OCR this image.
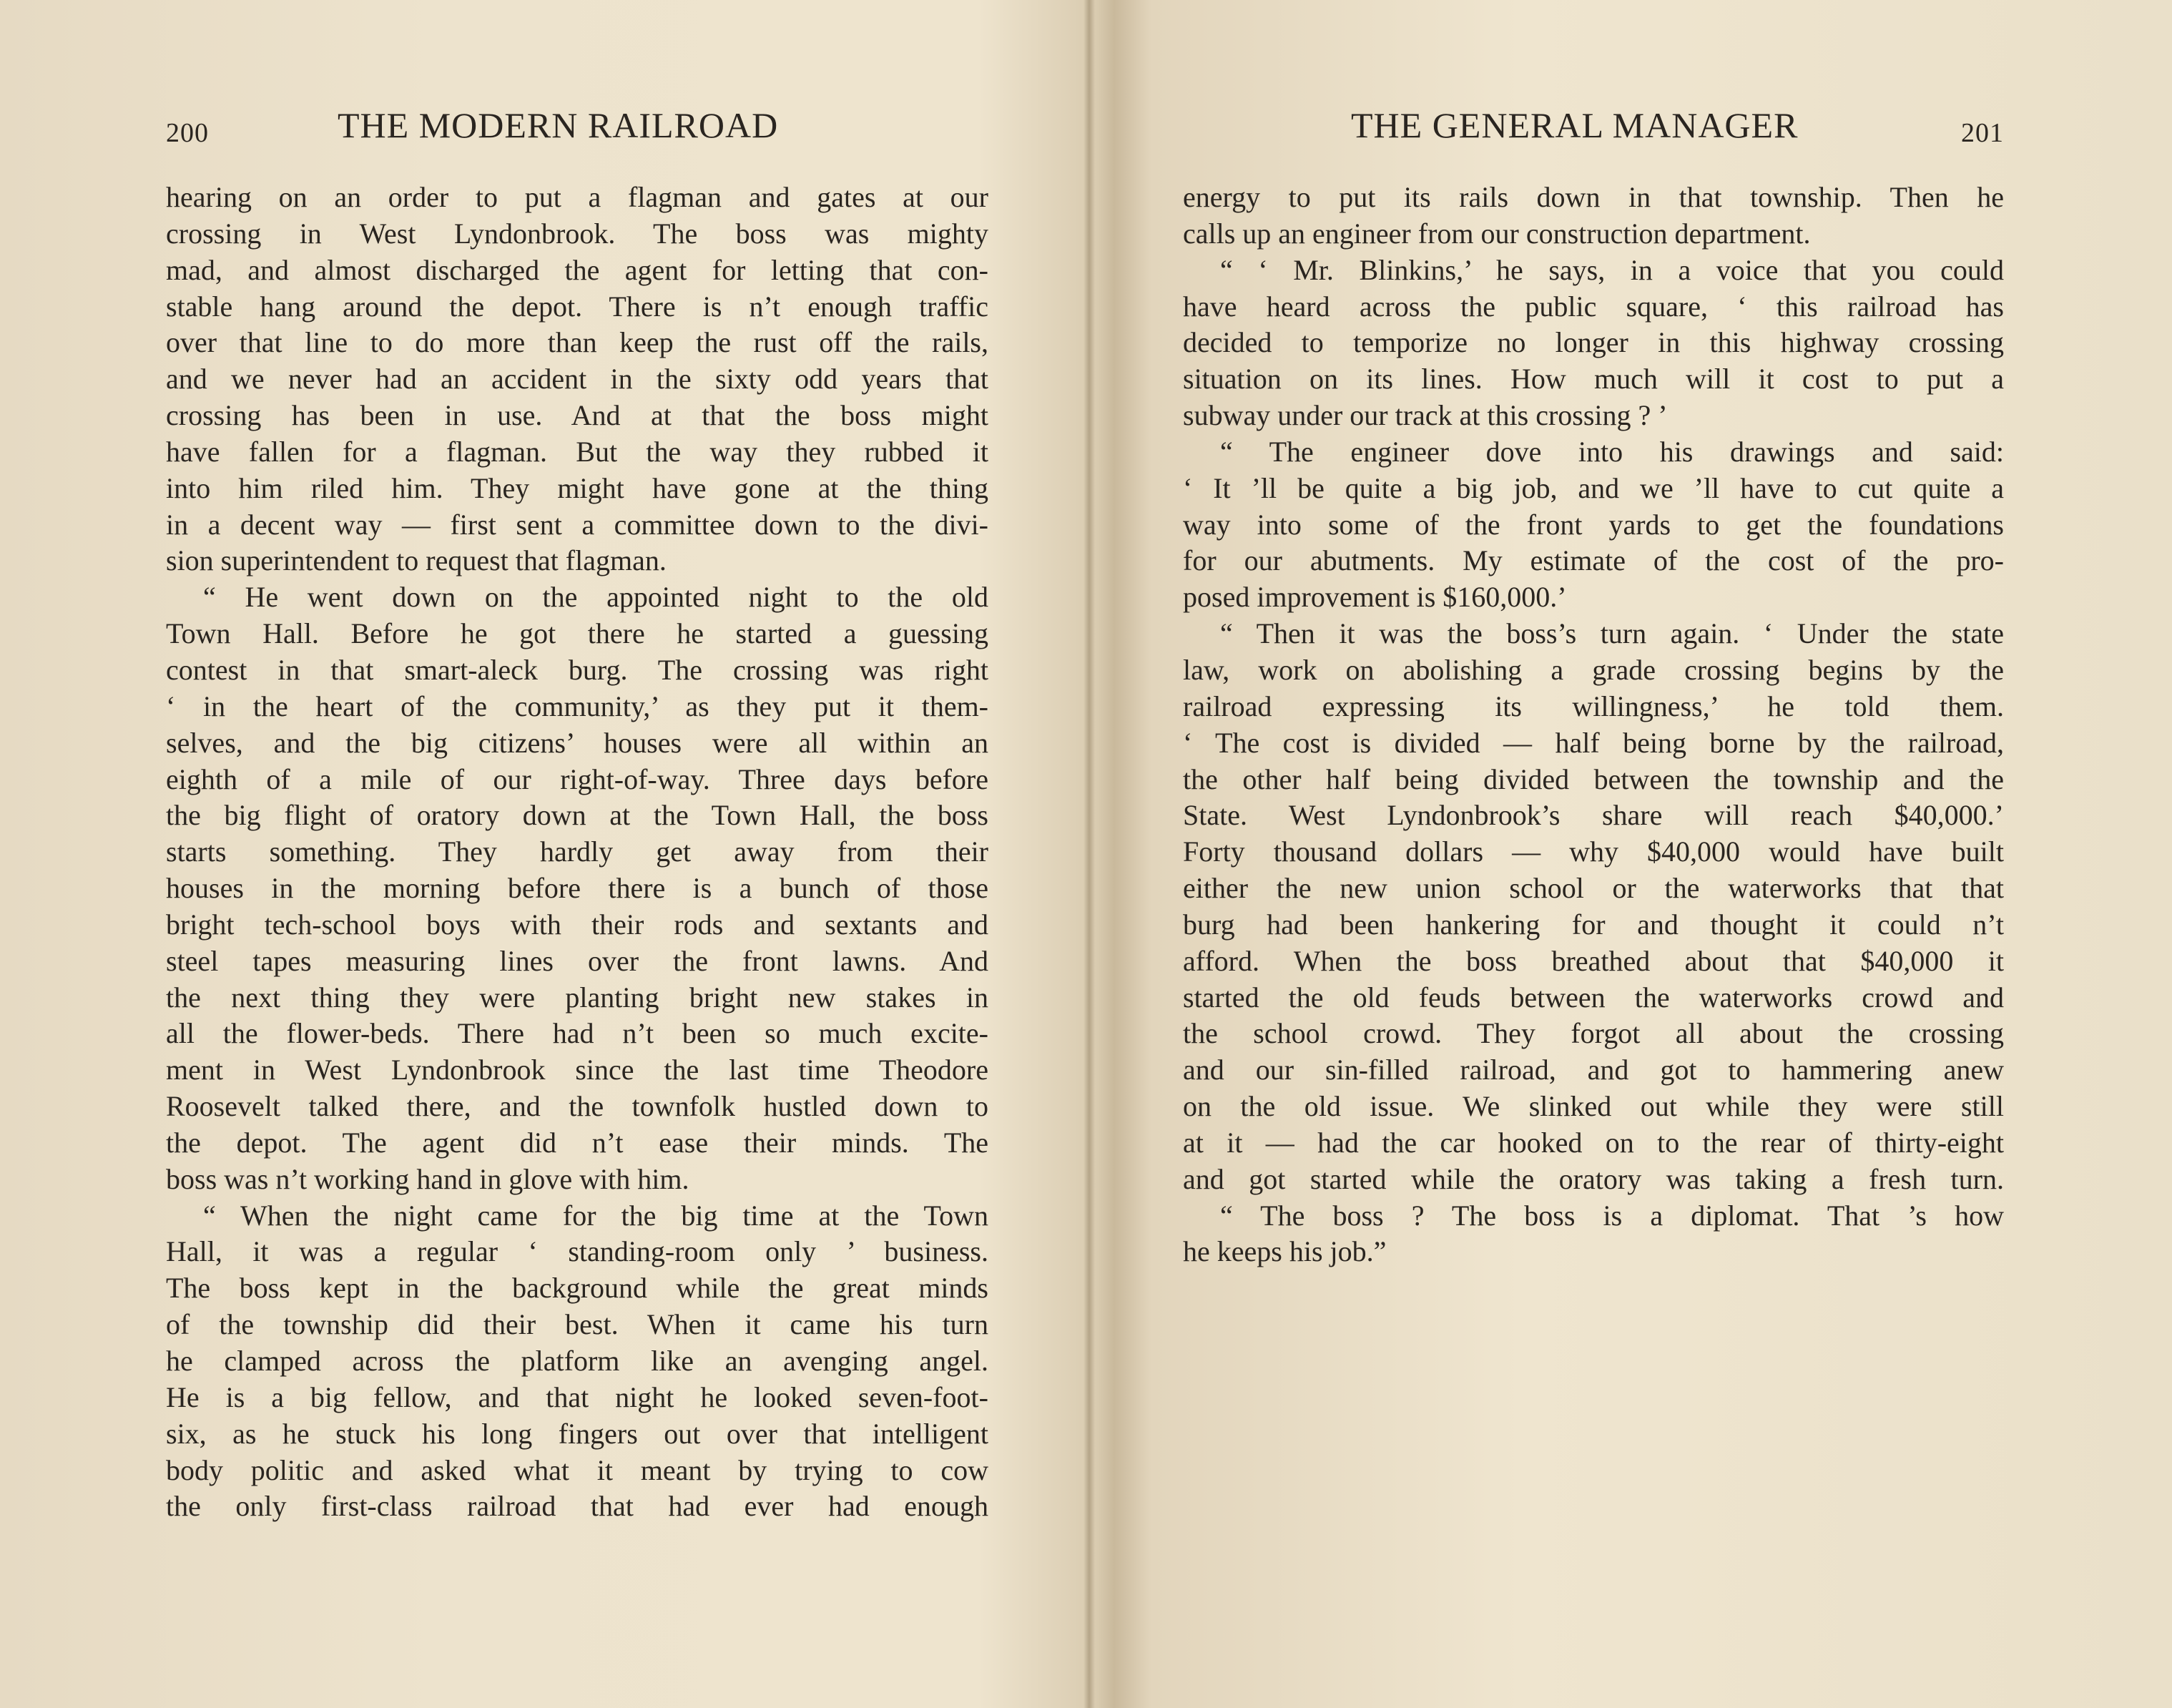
200	THE MODERN RAILROAD
hearing on an order to put a flagman and gates at our
crossing in West Lyndonbrook. The boss was mighty
mad, and almost discharged the agent for letting that con-
stable hang around the depot. There is n’t enough traffic
over that line to do more than keep the rust off the rails,
and we never had an accident in the sixty odd years that
crossing has been in use. And at that the boss might
have fallen for a flagman. But the way they rubbed it
into him riled him. They might have gone at the thing
in a decent way — first sent a committee down to the divi-
sion superintendent to request that flagman.
“ He went down on the appointed night to the old
Town Hall. Before he got there he started a guessing
contest in that smart-aleck burg. The crossing was right
‘ in the heart of the community,’ as they put it them-
selves, and the big citizens’ houses were all within an
eighth of a mile of our right-of-way. Three days before
the big flight of oratory down at the Town Hall, the boss
starts something. They hardly get away from their
houses in the morning before there is a bunch of those
bright tech-school boys with their rods and sextants and
steel tapes measuring lines over the front lawns. And
the next thing they were planting bright new stakes in
all the flower-beds. There had n’t been so much excite-
ment in West Lyndonbrook since the last time Theodore
Roosevelt talked there, and the townfolk hustled down to
the depot. The agent did n’t ease their minds. The
boss was n’t working hand in glove with him.
“ When the night came for the big time at the Town
Hall, it was a regular ‘ standing-room only ’ business.
The boss kept in the background while the great minds
of the township did their best. When it came his turn
he clamped across the platform like an avenging angel.
He is a big fellow, and that night he looked seven-foot-
six, as he stuck his long fingers out over that intelligent
body politic and asked what it meant by trying to cow
the only first-class railroad that had ever had enough
THE GENERAL MANAGER	201
energy to put its rails down in that township. Then he
calls up an engineer from our construction department.
“ ‘ Mr. Blinkins,’ he says, in a voice that you could
have heard across the public square, ‘ this railroad has
decided to temporize no longer in this highway crossing
situation on its lines. How much will it cost to put a
subway under our track at this crossing ? ’
“ The engineer dove into his drawings and said:
‘ It ’ll be quite a big job, and we ’ll have to cut quite a
way into some of the front yards to get the foundations
for our abutments. My estimate of the cost of the pro-
posed improvement is $160,000.’
“ Then it was the boss’s turn again. ‘ Under the state
law, work on abolishing a grade crossing begins by the
railroad expressing its willingness,’ he told them.
‘ The cost is divided — half being borne by the railroad,
the other half being divided between the township and the
State. West Lyndonbrook’s share will reach $40,000.’
Forty thousand dollars — why $40,000 would have built
either the new union school or the waterworks that that
burg had been hankering for and thought it could n’t
afford. When the boss breathed about that $40,000 it
started the old feuds between the waterworks crowd and
the school crowd. They forgot all about the crossing
and our sin-filled railroad, and got to hammering anew
on the old issue. We slinked out while they were still
at it — had the car hooked on to the rear of thirty-eight
and got started while the oratory was taking a fresh turn.
“ The boss ? The boss is a diplomat. That ’s how
he keeps his job.”
